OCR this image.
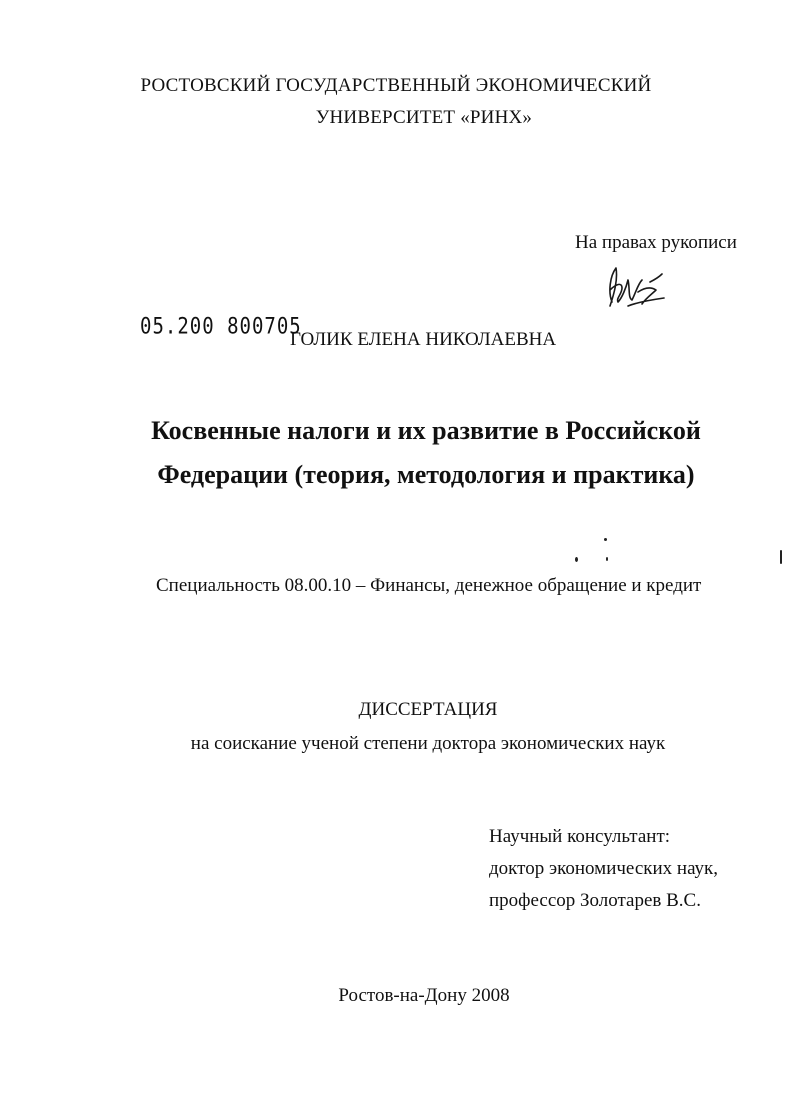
РОСТОВСКИЙ ГОСУДАРСТВЕННЫЙ ЭКОНОМИЧЕСКИЙ
УНИВЕРСИТЕТ «РИНХ»
На правах рукописи
05.200 800705
ГОЛИК ЕЛЕНА НИКОЛАЕВНА
Косвенные налоги и их развитие в Российской
Федерации (теория, методология и практика)
Специальность 08.00.10 – Финансы, денежное обращение и кредит
ДИССЕРТАЦИЯ
на соискание ученой степени доктора экономических наук
Научный консультант:
доктор экономических наук,
профессор Золотарев В.С.
Ростов-на-Дону 2008
